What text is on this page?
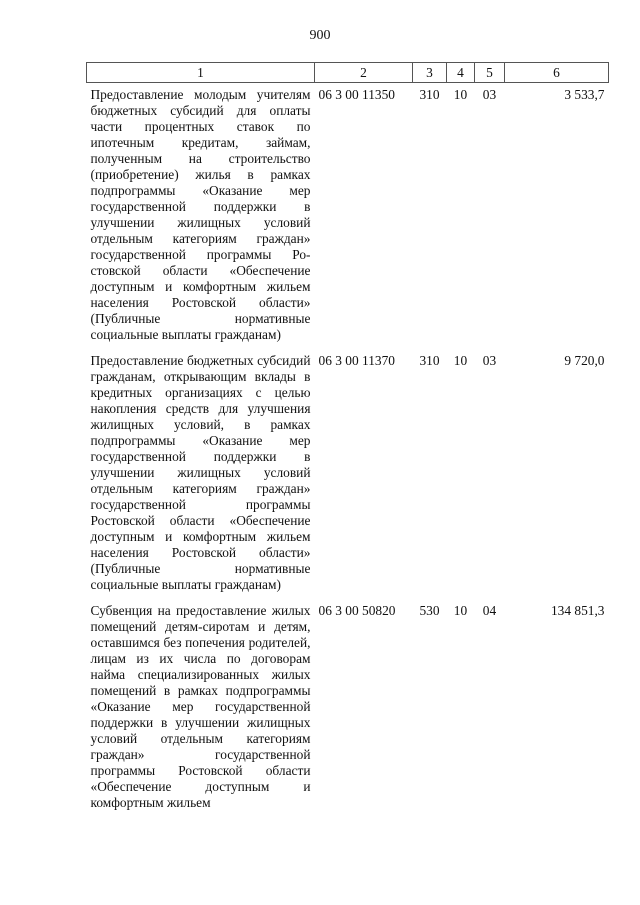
900
1	2	3	4	5	6
Предоставление молодым учителям бюджетных субсидий для оплаты части процентных ставок по ипотечным кредитам, займам, полученным на строительство (приобретение) жилья в рамках подпрограммы «Оказание мер государственной поддержки в улучшении жилищных условий отдельным категориям граждан» государственной программы Ростовской области «Обеспечение доступным и комфортным жильем населения Ростовской области» (Публичные нормативные социальные выплаты гражданам)	06 3 00 11350	310	10	03	3 533,7
Предоставление бюджетных субсидий гражданам, открывающим вклады в кредитных организациях с целью накопления средств для улучшения жилищных условий, в рамках подпрограммы «Оказание мер государственной поддержки в улучшении жилищных условий отдельным категориям граждан» государственной программы Ростовской области «Обеспечение доступным и комфортным жильем населения Ростовской области» (Публичные нормативные социальные выплаты гражданам)	06 3 00 11370	310	10	03	9 720,0
Субвенция на предоставление жилых помещений детям-сиротам и детям, оставшимся без попечения родителей, лицам из их числа по договорам найма специализированных жилых помещений в рамках подпрограммы «Оказание мер государственной поддержки в улучшении жилищных условий отдельным категориям граждан» государственной программы Ростовской области «Обеспечение доступным и комфортным жильем	06 3 00 50820	530	10	04	134 851,3
